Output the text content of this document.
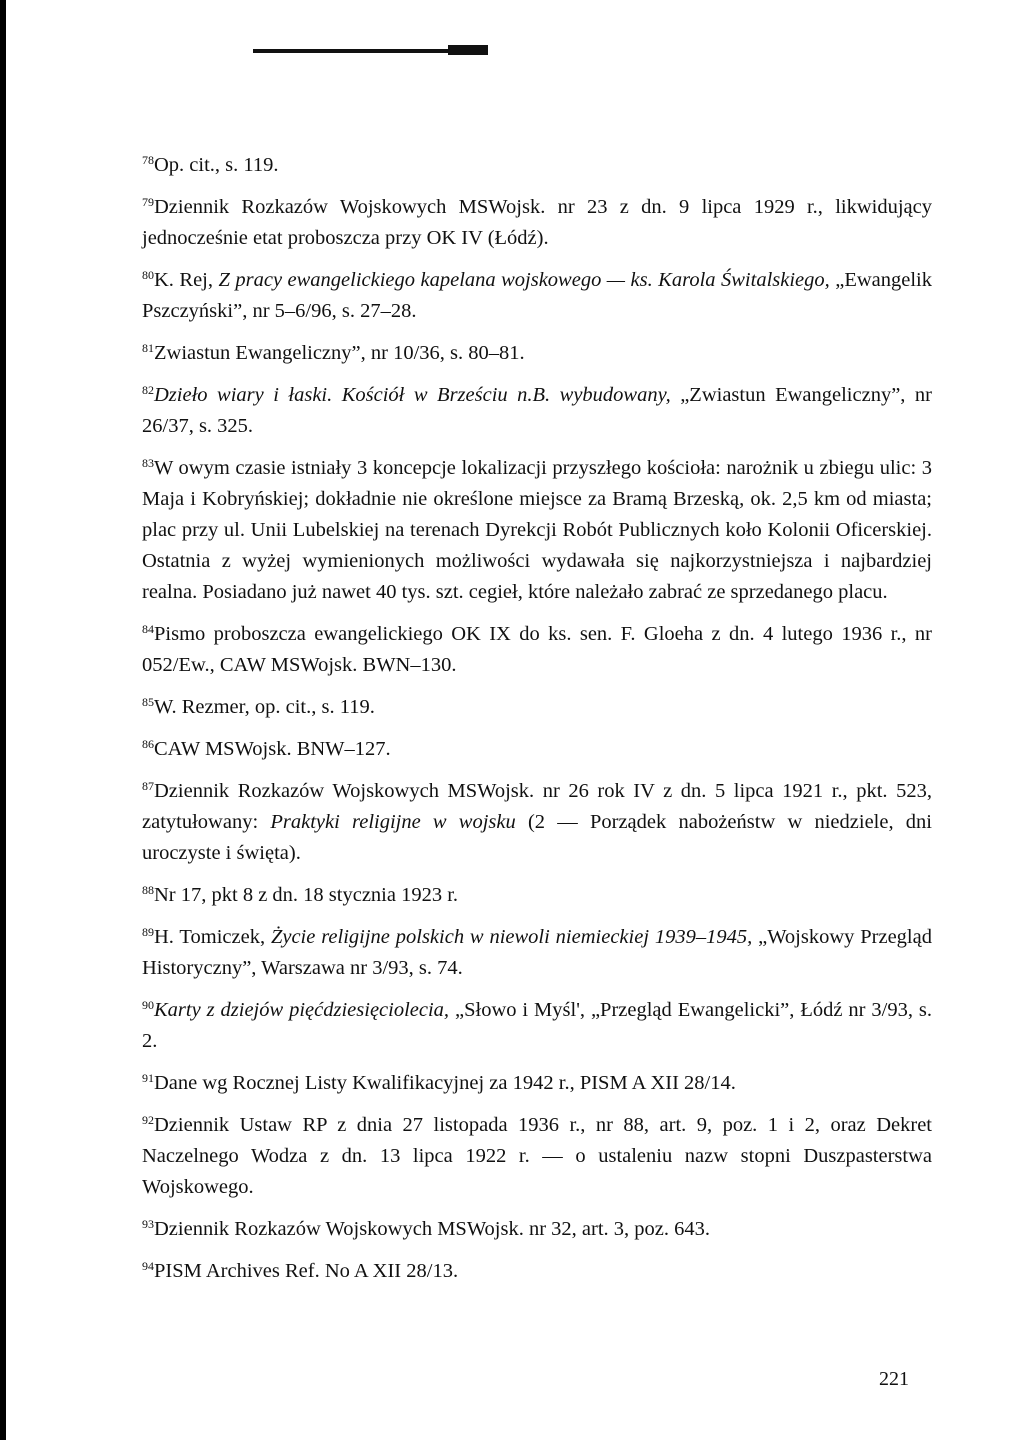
$^{78}$Op. cit., s. 119.

$^{79}$Dziennik Rozkazów Wojskowych MSWojsk. nr 23 z dn. 9 lipca 1929 r., likwidujący jednocześnie etat proboszcza przy OK IV (Łódź).

$^{80}$K. Rej, Z pracy ewangelickiego kapelana wojskowego — ks. Karola Świtalskiego, „Ewangelik Pszczyński”, nr 5–6/96, s. 27–28.

$^{81}$Zwiastun Ewangeliczny”, nr 10/36, s. 80–81.

$^{82}$Dzieło wiary i łaski. Kościół w Brześciu n.B. wybudowany, „Zwiastun Ewangeliczny”, nr 26/37, s. 325.

$^{83}$W owym czasie istniały 3 koncepcje lokalizacji przyszłego kościoła: narożnik u zbiegu ulic: 3 Maja i Kobryńskiej; dokładnie nie określone miejsce za Bramą Brzeską, ok. 2,5 km od miasta; plac przy ul. Unii Lubelskiej na terenach Dyrekcji Robót Publicznych koło Kolonii Oficerskiej. Ostatnia z wyżej wymienionych możliwości wydawała się najkorzystniejsza i najbardziej realna. Posiadano już nawet 40 tys. szt. cegieł, które należało zabrać ze sprzedanego placu.

$^{84}$Pismo proboszcza ewangelickiego OK IX do ks. sen. F. Gloeha z dn. 4 lutego 1936 r., nr 052/Ew., CAW MSWojsk. BWN–130.

$^{85}$W. Rezmer, op. cit., s. 119.

$^{86}$CAW MSWojsk. BNW–127.

$^{87}$Dziennik Rozkazów Wojskowych MSWojsk. nr 26 rok IV z dn. 5 lipca 1921 r., pkt. 523, zatytułowany: Praktyki religijne w wojsku (2 — Porządek nabożeństw w niedziele, dni uroczyste i święta).

$^{88}$Nr 17, pkt 8 z dn. 18 stycznia 1923 r.

$^{89}$H. Tomiczek, Życie religijne polskich w niewoli niemieckiej 1939–1945, „Wojskowy Przegląd Historyczny”, Warszawa nr 3/93, s. 74.

$^{90}$Karty z dziejów pięćdziesięciolecia, „Słowo i Myśl', „Przegląd Ewangelicki”, Łódź nr 3/93, s. 2.

$^{91}$Dane wg Rocznej Listy Kwalifikacyjnej za 1942 r., PISM A XII 28/14.

$^{92}$Dziennik Ustaw RP z dnia 27 listopada 1936 r., nr 88, art. 9, poz. 1 i 2, oraz Dekret Naczelnego Wodza z dn. 13 lipca 1922 r. — o ustaleniu nazw stopni Duszpasterstwa Wojskowego.

$^{93}$Dziennik Rozkazów Wojskowych MSWojsk. nr 32, art. 3, poz. 643.

$^{94}$PISM Archives Ref. No A XII 28/13.

221
